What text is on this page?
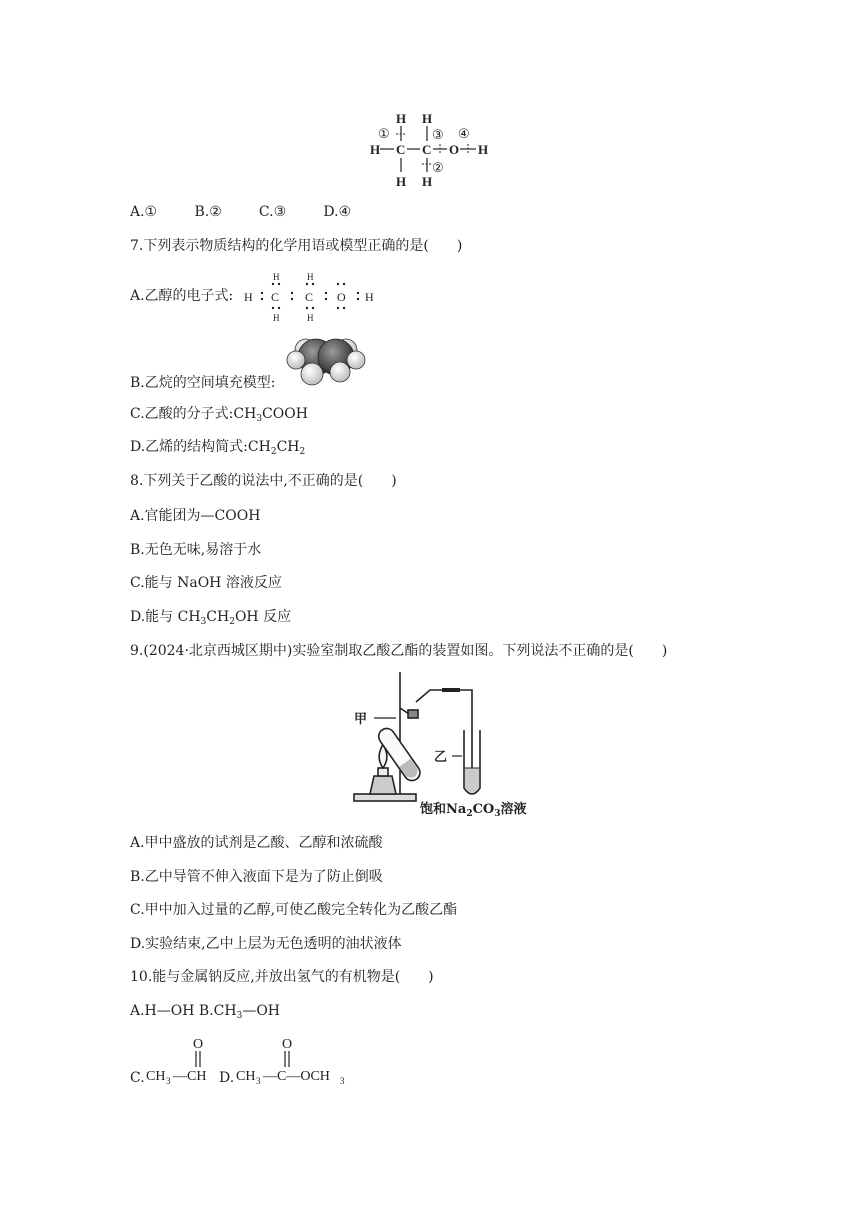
H H
H C C O H
H H
①
②
③ ④
A.①	B.②	C.③	D.④
7.下列表示物质结构的化学用语或模型正确的是(　　)
A.乙醇的电子式: H C C O H
H	H
H	H
B.乙烷的空间填充模型:
C.乙酸的分子式$:CH_3COOH$
D.乙烯的结构简式$:CH_2CH_2$
8.下列关于乙酸的说法中,不正确的是(　　)
A.官能团为—COOH
B.无色无味,易溶于水
C.能与 NaOH 溶液反应
D.能与 $CH_3CH_2OH$ 反应
9.(2024·北京西城区期中)实验室制取乙酸乙酯的装置如图。下列说法不正确的是(　　)
甲
乙
饱和$Na_2CO_3$溶液
A.甲中盛放的试剂是乙酸、乙醇和浓硫酸
B.乙中导管不伸入液面下是为了防止倒吸
C.甲中加入过量的乙醇,可使乙酸完全转化为乙酸乙酯
D.实验结束,乙中上层为无色透明的油状液体
10.能与金属钠反应,并放出氢气的有机物是(　　)
A.H—OH $B.CH_3—OH$
C. CH 3 —CH
O
D. CH 3 —C—OCH 3
O
